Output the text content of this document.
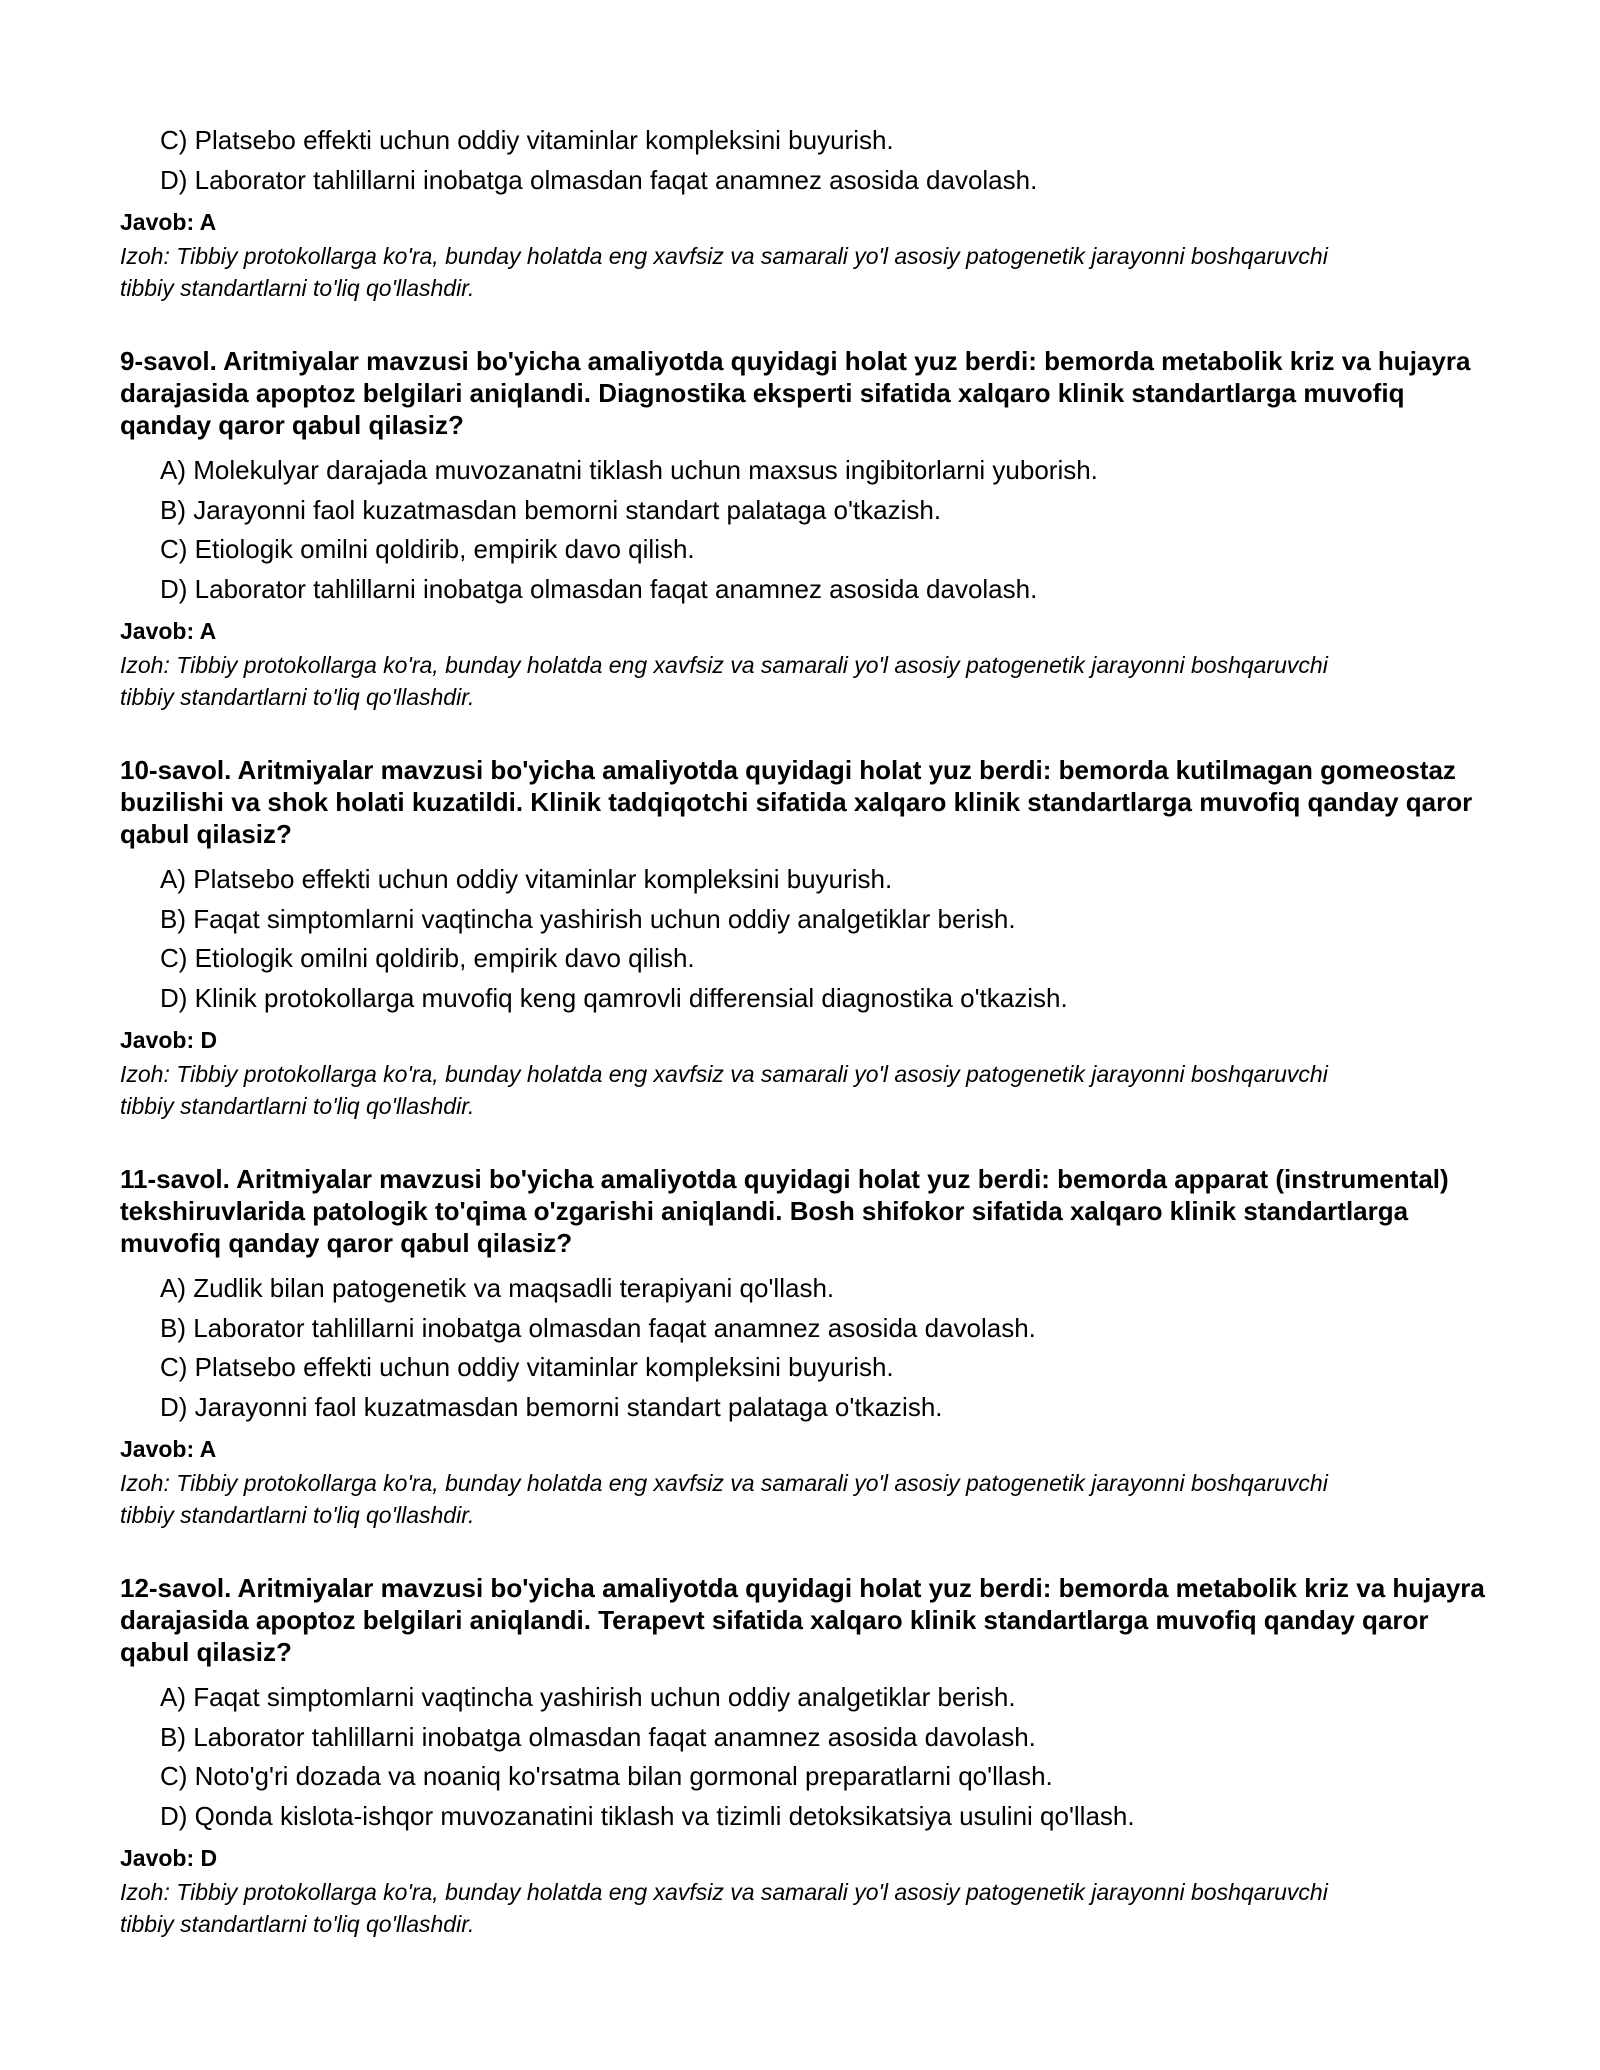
C) Platsebo effekti uchun oddiy vitaminlar kompleksini buyurish.
D) Laborator tahlillarni inobatga olmasdan faqat anamnez asosida davolash.

Javob: A

Izoh: Tibbiy protokollarga ko'ra, bunday holatda eng xavfsiz va samarali yo'l asosiy patogenetik jarayonni boshqaruvchi tibbiy standartlarni to'liq qo'llashdir.

9-savol. Aritmiyalar mavzusi bo'yicha amaliyotda quyidagi holat yuz berdi: bemorda metabolik kriz va hujayra darajasida apoptoz belgilari aniqlandi. Diagnostika eksperti sifatida xalqaro klinik standartlarga muvofiq qanday qaror qabul qilasiz?

A) Molekulyar darajada muvozanatni tiklash uchun maxsus ingibitorlarni yuborish.
B) Jarayonni faol kuzatmasdan bemorni standart palataga o'tkazish.
C) Etiologik omilni qoldirib, empirik davo qilish.
D) Laborator tahlillarni inobatga olmasdan faqat anamnez asosida davolash.

Javob: A

Izoh: Tibbiy protokollarga ko'ra, bunday holatda eng xavfsiz va samarali yo'l asosiy patogenetik jarayonni boshqaruvchi tibbiy standartlarni to'liq qo'llashdir.

10-savol. Aritmiyalar mavzusi bo'yicha amaliyotda quyidagi holat yuz berdi: bemorda kutilmagan gomeostaz buzilishi va shok holati kuzatildi. Klinik tadqiqotchi sifatida xalqaro klinik standartlarga muvofiq qanday qaror qabul qilasiz?

A) Platsebo effekti uchun oddiy vitaminlar kompleksini buyurish.
B) Faqat simptomlarni vaqtincha yashirish uchun oddiy analgetiklar berish.
C) Etiologik omilni qoldirib, empirik davo qilish.
D) Klinik protokollarga muvofiq keng qamrovli differensial diagnostika o'tkazish.

Javob: D

Izoh: Tibbiy protokollarga ko'ra, bunday holatda eng xavfsiz va samarali yo'l asosiy patogenetik jarayonni boshqaruvchi tibbiy standartlarni to'liq qo'llashdir.

11-savol. Aritmiyalar mavzusi bo'yicha amaliyotda quyidagi holat yuz berdi: bemorda apparat (instrumental) tekshiruvlarida patologik to'qima o'zgarishi aniqlandi. Bosh shifokor sifatida xalqaro klinik standartlarga muvofiq qanday qaror qabul qilasiz?

A) Zudlik bilan patogenetik va maqsadli terapiyani qo'llash.
B) Laborator tahlillarni inobatga olmasdan faqat anamnez asosida davolash.
C) Platsebo effekti uchun oddiy vitaminlar kompleksini buyurish.
D) Jarayonni faol kuzatmasdan bemorni standart palataga o'tkazish.

Javob: A

Izoh: Tibbiy protokollarga ko'ra, bunday holatda eng xavfsiz va samarali yo'l asosiy patogenetik jarayonni boshqaruvchi tibbiy standartlarni to'liq qo'llashdir.

12-savol. Aritmiyalar mavzusi bo'yicha amaliyotda quyidagi holat yuz berdi: bemorda metabolik kriz va hujayra darajasida apoptoz belgilari aniqlandi. Terapevt sifatida xalqaro klinik standartlarga muvofiq qanday qaror qabul qilasiz?

A) Faqat simptomlarni vaqtincha yashirish uchun oddiy analgetiklar berish.
B) Laborator tahlillarni inobatga olmasdan faqat anamnez asosida davolash.
C) Noto'g'ri dozada va noaniq ko'rsatma bilan gormonal preparatlarni qo'llash.
D) Qonda kislota-ishqor muvozanatini tiklash va tizimli detoksikatsiya usulini qo'llash.

Javob: D

Izoh: Tibbiy protokollarga ko'ra, bunday holatda eng xavfsiz va samarali yo'l asosiy patogenetik jarayonni boshqaruvchi tibbiy standartlarni to'liq qo'llashdir.
